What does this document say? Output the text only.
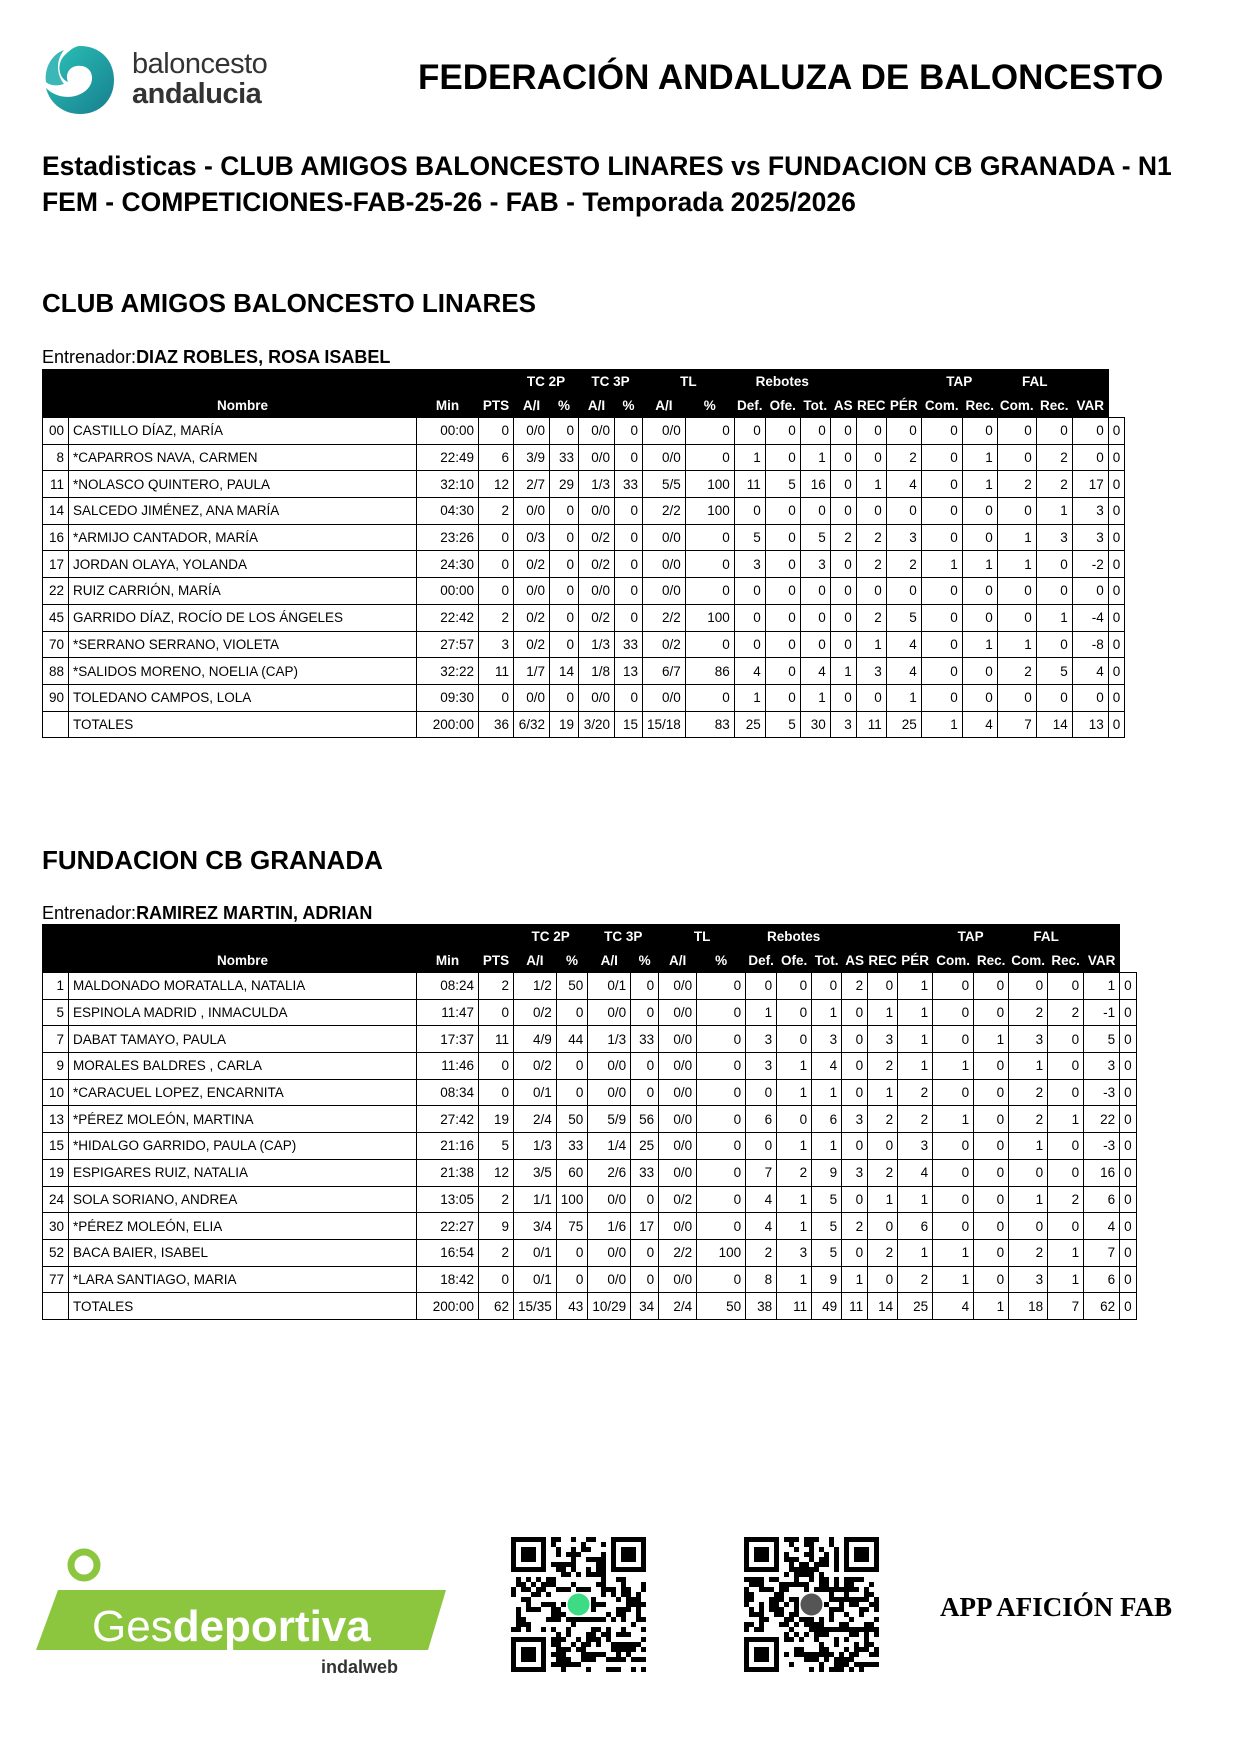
baloncesto
andalucia	FEDERACIÓN ANDALUZA DE BALONCESTO
Estadisticas - CLUB AMIGOS BALONCESTO LINARES vs FUNDACION CB GRANADA - N1 FEM - COMPETICIONES-FAB-25-26 - FAB - Temporada 2025/2026
CLUB AMIGOS BALONCESTO LINARES
Entrenador:DIAZ ROBLES, ROSA ISABEL
				TC 2P		TC 3P		TL		Rebotes						TAP		FAL			
	Nombre	Min	PTS	A/I	%	A/I	%	A/I	%	Def.	Ofe.	Tot.	AS	REC	PÉR	Com.	Rec.	Com.	Rec.	VAR	
00	CASTILLO DÍAZ, MARÍA	00:00	0	0/0	0	0/0	0	0/0	0	0	0	0	0	0	0	0	0	0	0	0	0
8	*CAPARROS NAVA, CARMEN	22:49	6	3/9	33	0/0	0	0/0	0	1	0	1	0	0	2	0	1	0	2	0	0
11	*NOLASCO QUINTERO, PAULA	32:10	12	2/7	29	1/3	33	5/5	100	11	5	16	0	1	4	0	1	2	2	17	0
14	SALCEDO JIMÉNEZ, ANA MARÍA	04:30	2	0/0	0	0/0	0	2/2	100	0	0	0	0	0	0	0	0	0	1	3	0
16	*ARMIJO CANTADOR, MARÍA	23:26	0	0/3	0	0/2	0	0/0	0	5	0	5	2	2	3	0	0	1	3	3	0
17	JORDAN OLAYA, YOLANDA	24:30	0	0/2	0	0/2	0	0/0	0	3	0	3	0	2	2	1	1	1	0	-2	0
22	RUIZ CARRIÓN, MARÍA	00:00	0	0/0	0	0/0	0	0/0	0	0	0	0	0	0	0	0	0	0	0	0	0
45	GARRIDO DÍAZ, ROCÍO DE LOS ÁNGELES	22:42	2	0/2	0	0/2	0	2/2	100	0	0	0	0	2	5	0	0	0	1	-4	0
70	*SERRANO SERRANO, VIOLETA	27:57	3	0/2	0	1/3	33	0/2	0	0	0	0	0	1	4	0	1	1	0	-8	0
88	*SALIDOS MORENO, NOELIA (CAP)	32:22	11	1/7	14	1/8	13	6/7	86	4	0	4	1	3	4	0	0	2	5	4	0
90	TOLEDANO CAMPOS, LOLA	09:30	0	0/0	0	0/0	0	0/0	0	1	0	1	0	0	1	0	0	0	0	0	0
	TOTALES	200:00	36	6/32	19	3/20	15	15/18	83	25	5	30	3	11	25	1	4	7	14	13	0
FUNDACION CB GRANADA
Entrenador:RAMIREZ MARTIN, ADRIAN
				TC 2P		TC 3P		TL		Rebotes						TAP		FAL			
	Nombre	Min	PTS	A/I	%	A/I	%	A/I	%	Def.	Ofe.	Tot.	AS	REC	PÉR	Com.	Rec.	Com.	Rec.	VAR	
1	MALDONADO MORATALLA, NATALIA	08:24	2	1/2	50	0/1	0	0/0	0	0	0	0	2	0	1	0	0	0	0	1	0
5	ESPINOLA MADRID , INMACULDA	11:47	0	0/2	0	0/0	0	0/0	0	1	0	1	0	1	1	0	0	2	2	-1	0
7	DABAT TAMAYO, PAULA	17:37	11	4/9	44	1/3	33	0/0	0	3	0	3	0	3	1	0	1	3	0	5	0
9	MORALES BALDRES , CARLA	11:46	0	0/2	0	0/0	0	0/0	0	3	1	4	0	2	1	1	0	1	0	3	0
10	*CARACUEL LOPEZ, ENCARNITA	08:34	0	0/1	0	0/0	0	0/0	0	0	1	1	0	1	2	0	0	2	0	-3	0
13	*PÉREZ MOLEÓN, MARTINA	27:42	19	2/4	50	5/9	56	0/0	0	6	0	6	3	2	2	1	0	2	1	22	0
15	*HIDALGO GARRIDO, PAULA (CAP)	21:16	5	1/3	33	1/4	25	0/0	0	0	1	1	0	0	3	0	0	1	0	-3	0
19	ESPIGARES RUIZ, NATALIA	21:38	12	3/5	60	2/6	33	0/0	0	7	2	9	3	2	4	0	0	0	0	16	0
24	SOLA SORIANO, ANDREA	13:05	2	1/1	100	0/0	0	0/2	0	4	1	5	0	1	1	0	0	1	2	6	0
30	*PÉREZ MOLEÓN, ELIA	22:27	9	3/4	75	1/6	17	0/0	0	4	1	5	2	0	6	0	0	0	0	4	0
52	BACA BAIER, ISABEL	16:54	2	0/1	0	0/0	0	2/2	100	2	3	5	0	2	1	1	0	2	1	7	0
77	*LARA SANTIAGO, MARIA	18:42	0	0/1	0	0/0	0	0/0	0	8	1	9	1	0	2	1	0	3	1	6	0
	TOTALES	200:00	62	15/35	43	10/29	34	2/4	50	38	11	49	11	14	25	4	1	18	7	62	0
Gesdeportiva
indalweb
APP AFICIÓN FAB
